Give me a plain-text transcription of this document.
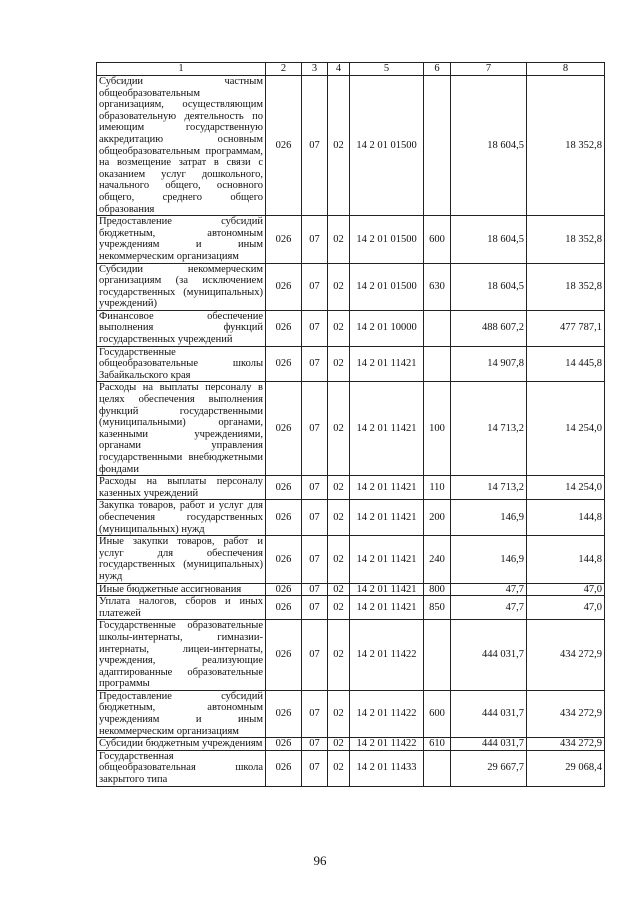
1	2	3	4	5	6	7	8
Субсидии частным общеобразовательным организациям, осуществляющим образовательную деятельность по имеющим государственную аккредитацию основным общеобразовательным программам, на возмещение затрат в связи с оказанием услуг дошкольного, начального общего, основного общего, среднего общего образования	026	07	02	14 2 01 01500		18 604,5	18 352,8
Предоставление субсидий бюджетным, автономным учреждениям и иным некоммерческим организациям	026	07	02	14 2 01 01500	600	18 604,5	18 352,8
Субсидии некоммерческим организациям (за исключением государственных (муниципальных) учреждений)	026	07	02	14 2 01 01500	630	18 604,5	18 352,8
Финансовое обеспечение выполнения функций государственных учреждений	026	07	02	14 2 01 10000		488 607,2	477 787,1
Государственные общеобразовательные школы Забайкальского края	026	07	02	14 2 01 11421		14 907,8	14 445,8
Расходы на выплаты персоналу в целях обеспечения выполнения функций государственными (муниципальными) органами, казенными учреждениями, органами управления государственными внебюджетными фондами	026	07	02	14 2 01 11421	100	14 713,2	14 254,0
Расходы на выплаты персоналу казенных учреждений	026	07	02	14 2 01 11421	110	14 713,2	14 254,0
Закупка товаров, работ и услуг для обеспечения государственных (муниципальных) нужд	026	07	02	14 2 01 11421	200	146,9	144,8
Иные закупки товаров, работ и услуг для обеспечения государственных (муниципальных) нужд	026	07	02	14 2 01 11421	240	146,9	144,8
Иные бюджетные ассигнования	026	07	02	14 2 01 11421	800	47,7	47,0
Уплата налогов, сборов и иных платежей	026	07	02	14 2 01 11421	850	47,7	47,0
Государственные образовательные школы-интернаты, гимназии-интернаты, лицеи-интернаты, учреждения, реализующие адаптированные образовательные программы	026	07	02	14 2 01 11422		444 031,7	434 272,9
Предоставление субсидий бюджетным, автономным учреждениям и иным некоммерческим организациям	026	07	02	14 2 01 11422	600	444 031,7	434 272,9
Субсидии бюджетным учреждениям	026	07	02	14 2 01 11422	610	444 031,7	434 272,9
Государственная общеобразовательная школа закрытого типа	026	07	02	14 2 01 11433		29 667,7	29 068,4
96
